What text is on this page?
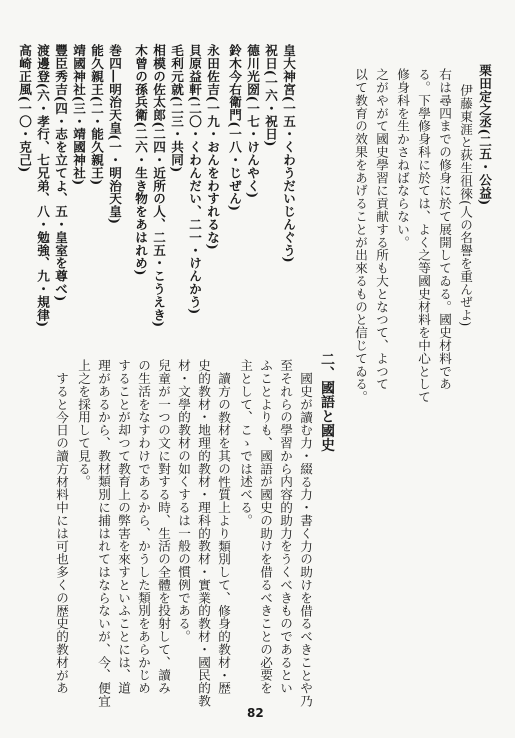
栗田定之丞(二五・公益)
伊藤東涯と荻生徂徠(人の名譽を重んぜよ)
右は尋四までの修身に於て展開してゐる。國史材料であ
る。下學修身科に於ては、よく之等國史材料を中心として
修身科を生かさねばならない。
之がやがて國史學習に貢献する所も大となつて、よつて
以て教育の效果をあげることが出來るものと信じてゐる。
皇大神宮(一五・くわうだいじんぐう)
祝日(一六・祝日)
德川光圀(一七・けんやく)
鈴木今右衛門(一八・じぜん)
永田佐吉(一九・おんをわすれるな)
貝原益軒(二〇・くわんだい、二一・けんかう)
毛利元就(二三・共同)
相模の佐太郎(二四・近所の人、二五・こうえき)
木曾の孫兵衛(二六・生き物をあはれめ)
巻四―明治天皇(一・明治天皇)
能久親王(二・能久親王)
靖國神社(三・靖國神社)
豐臣秀吉(四・志を立てよ、五・皇室を尊べ)
渡邊登(六・孝行、七兄弟、八・勉強、九・規律)
高崎正風(一〇・克己)
二、國語と國史
國史が讀む力・綴る力・書く力の助けを借るべきことや乃
至それらの學習から内容的助力をうくべきものであるとい
ふことよりも、國語が國史の助けを借るべきことの必要を
主として、こゝでは述べる。
讀方の教材を其の性質上より類別して、修身的教材・歴
史的教材・地理的教材・理科的教材・實業的教材・國民的教
材・文學的教材の如くするは一般の慣例である。
兒童が一つの文に對する時、生活の全體を投射して、讀み
の生活をなすわけであるから、かうした類別をあらかじめ
することが却つて教育上の弊害を來すといふことには、道
理があるから、教材類別に捕はれてはならないが、今、便宜
上之を採用して見る。
すると今日の讀方材料中には可也多くの歴史的教材があ
82
